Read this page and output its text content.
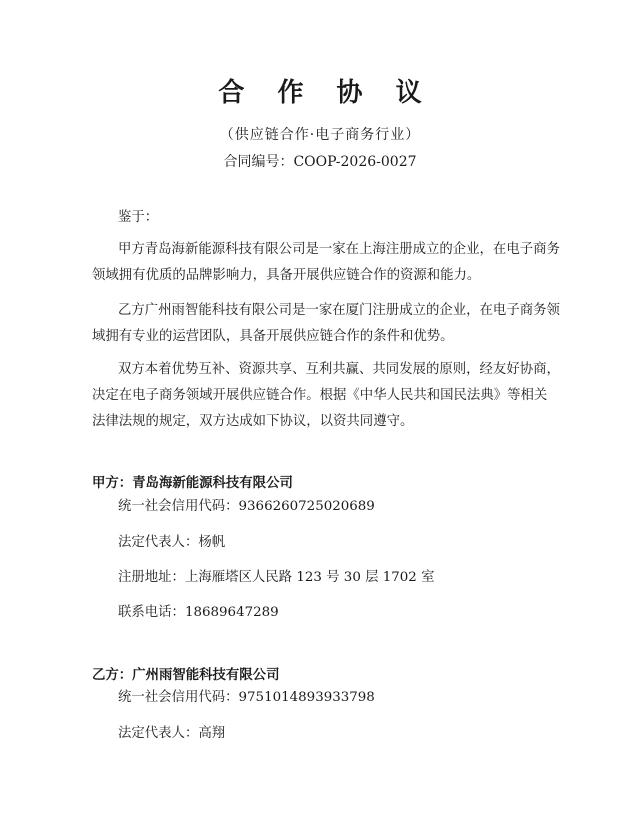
合 作 协 议
（供应链合作·电子商务行业）
合同编号：COOP-2026-0027
鉴于：
甲方青岛海新能源科技有限公司是一家在上海注册成立的企业，在电子商务领域拥有优质的品牌影响力，具备开展供应链合作的资源和能力。
乙方广州雨智能科技有限公司是一家在厦门注册成立的企业，在电子商务领域拥有专业的运营团队，具备开展供应链合作的条件和优势。
双方本着优势互补、资源共享、互利共赢、共同发展的原则，经友好协商，决定在电子商务领域开展供应链合作。根据《中华人民共和国民法典》等相关法律法规的规定，双方达成如下协议，以资共同遵守。
甲方：青岛海新能源科技有限公司
统一社会信用代码：9366260725020689
法定代表人：杨帆
注册地址：上海雁塔区人民路 123 号 30 层 1702 室
联系电话：18689647289
乙方：广州雨智能科技有限公司
统一社会信用代码：9751014893933798
法定代表人：高翔
